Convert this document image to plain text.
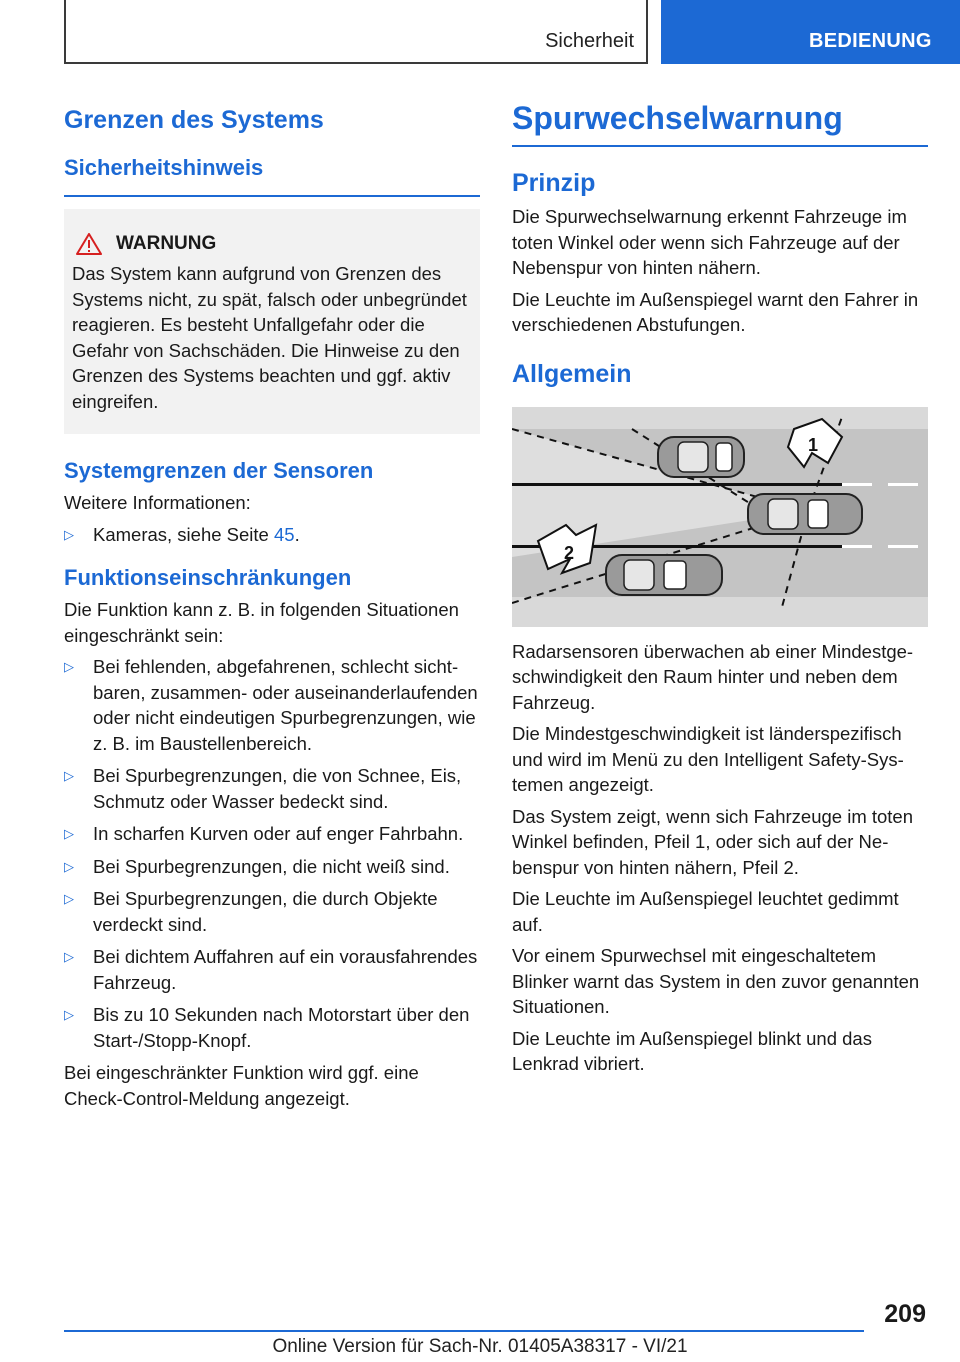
Sicherheit	BEDIENUNG
Grenzen des Systems
Sicherheitshinweis
WARNUNG
Das System kann aufgrund von Grenzen des Systems nicht, zu spät, falsch oder unbegründet reagieren. Es besteht Unfallgefahr oder die Gefahr von Sachschäden. Die Hinweise zu den Grenzen des Systems beachten und ggf. aktiv eingreifen.
Systemgrenzen der Sensoren

Weitere Informationen:

▷ Kameras, siehe Seite 45.
Funktionseinschränkungen

Die Funktion kann z. B. in folgenden Situationen eingeschränkt sein:

▷ Bei fehlenden, abgefahrenen, schlecht sichtbaren, zusammen- oder auseinanderlaufenden oder nicht eindeutigen Spurbegrenzungen, wie z. B. im Baustellenbereich.
▷ Bei Spurbegrenzungen, die von Schnee, Eis, Schmutz oder Wasser bedeckt sind.
▷ In scharfen Kurven oder auf enger Fahrbahn.
▷ Bei Spurbegrenzungen, die nicht weiß sind.
▷ Bei Spurbegrenzungen, die durch Objekte verdeckt sind.
▷ Bei dichtem Auffahren auf ein vorausfahrendes Fahrzeug.
▷ Bis zu 10 Sekunden nach Motorstart über den Start-/Stopp-Knopf.

Bei eingeschränkter Funktion wird ggf. eine Check-Control-Meldung angezeigt.

Spurwechselwarnung
Prinzip

Die Spurwechselwarnung erkennt Fahrzeuge im toten Winkel oder wenn sich Fahrzeuge auf der Nebenspur von hinten nähern.

Die Leuchte im Außenspiegel warnt den Fahrer in verschiedenen Abstufungen.

Allgemein
1
2

Radarsensoren überwachen ab einer Mindestgeschwindigkeit den Raum hinter und neben dem Fahrzeug.

Die Mindestgeschwindigkeit ist länderspezifisch und wird im Menü zu den Intelligent Safety-Systemen angezeigt.

Das System zeigt, wenn sich Fahrzeuge im toten Winkel befinden, Pfeil 1, oder sich auf der Nebenspur von hinten nähern, Pfeil 2.

Die Leuchte im Außenspiegel leuchtet gedimmt auf.

Vor einem Spurwechsel mit eingeschaltetem Blinker warnt das System in den zuvor genannten Situationen.

Die Leuchte im Außenspiegel blinkt und das Lenkrad vibriert.

209
Online Version für Sach-Nr. 01405A38317 - VI/21
